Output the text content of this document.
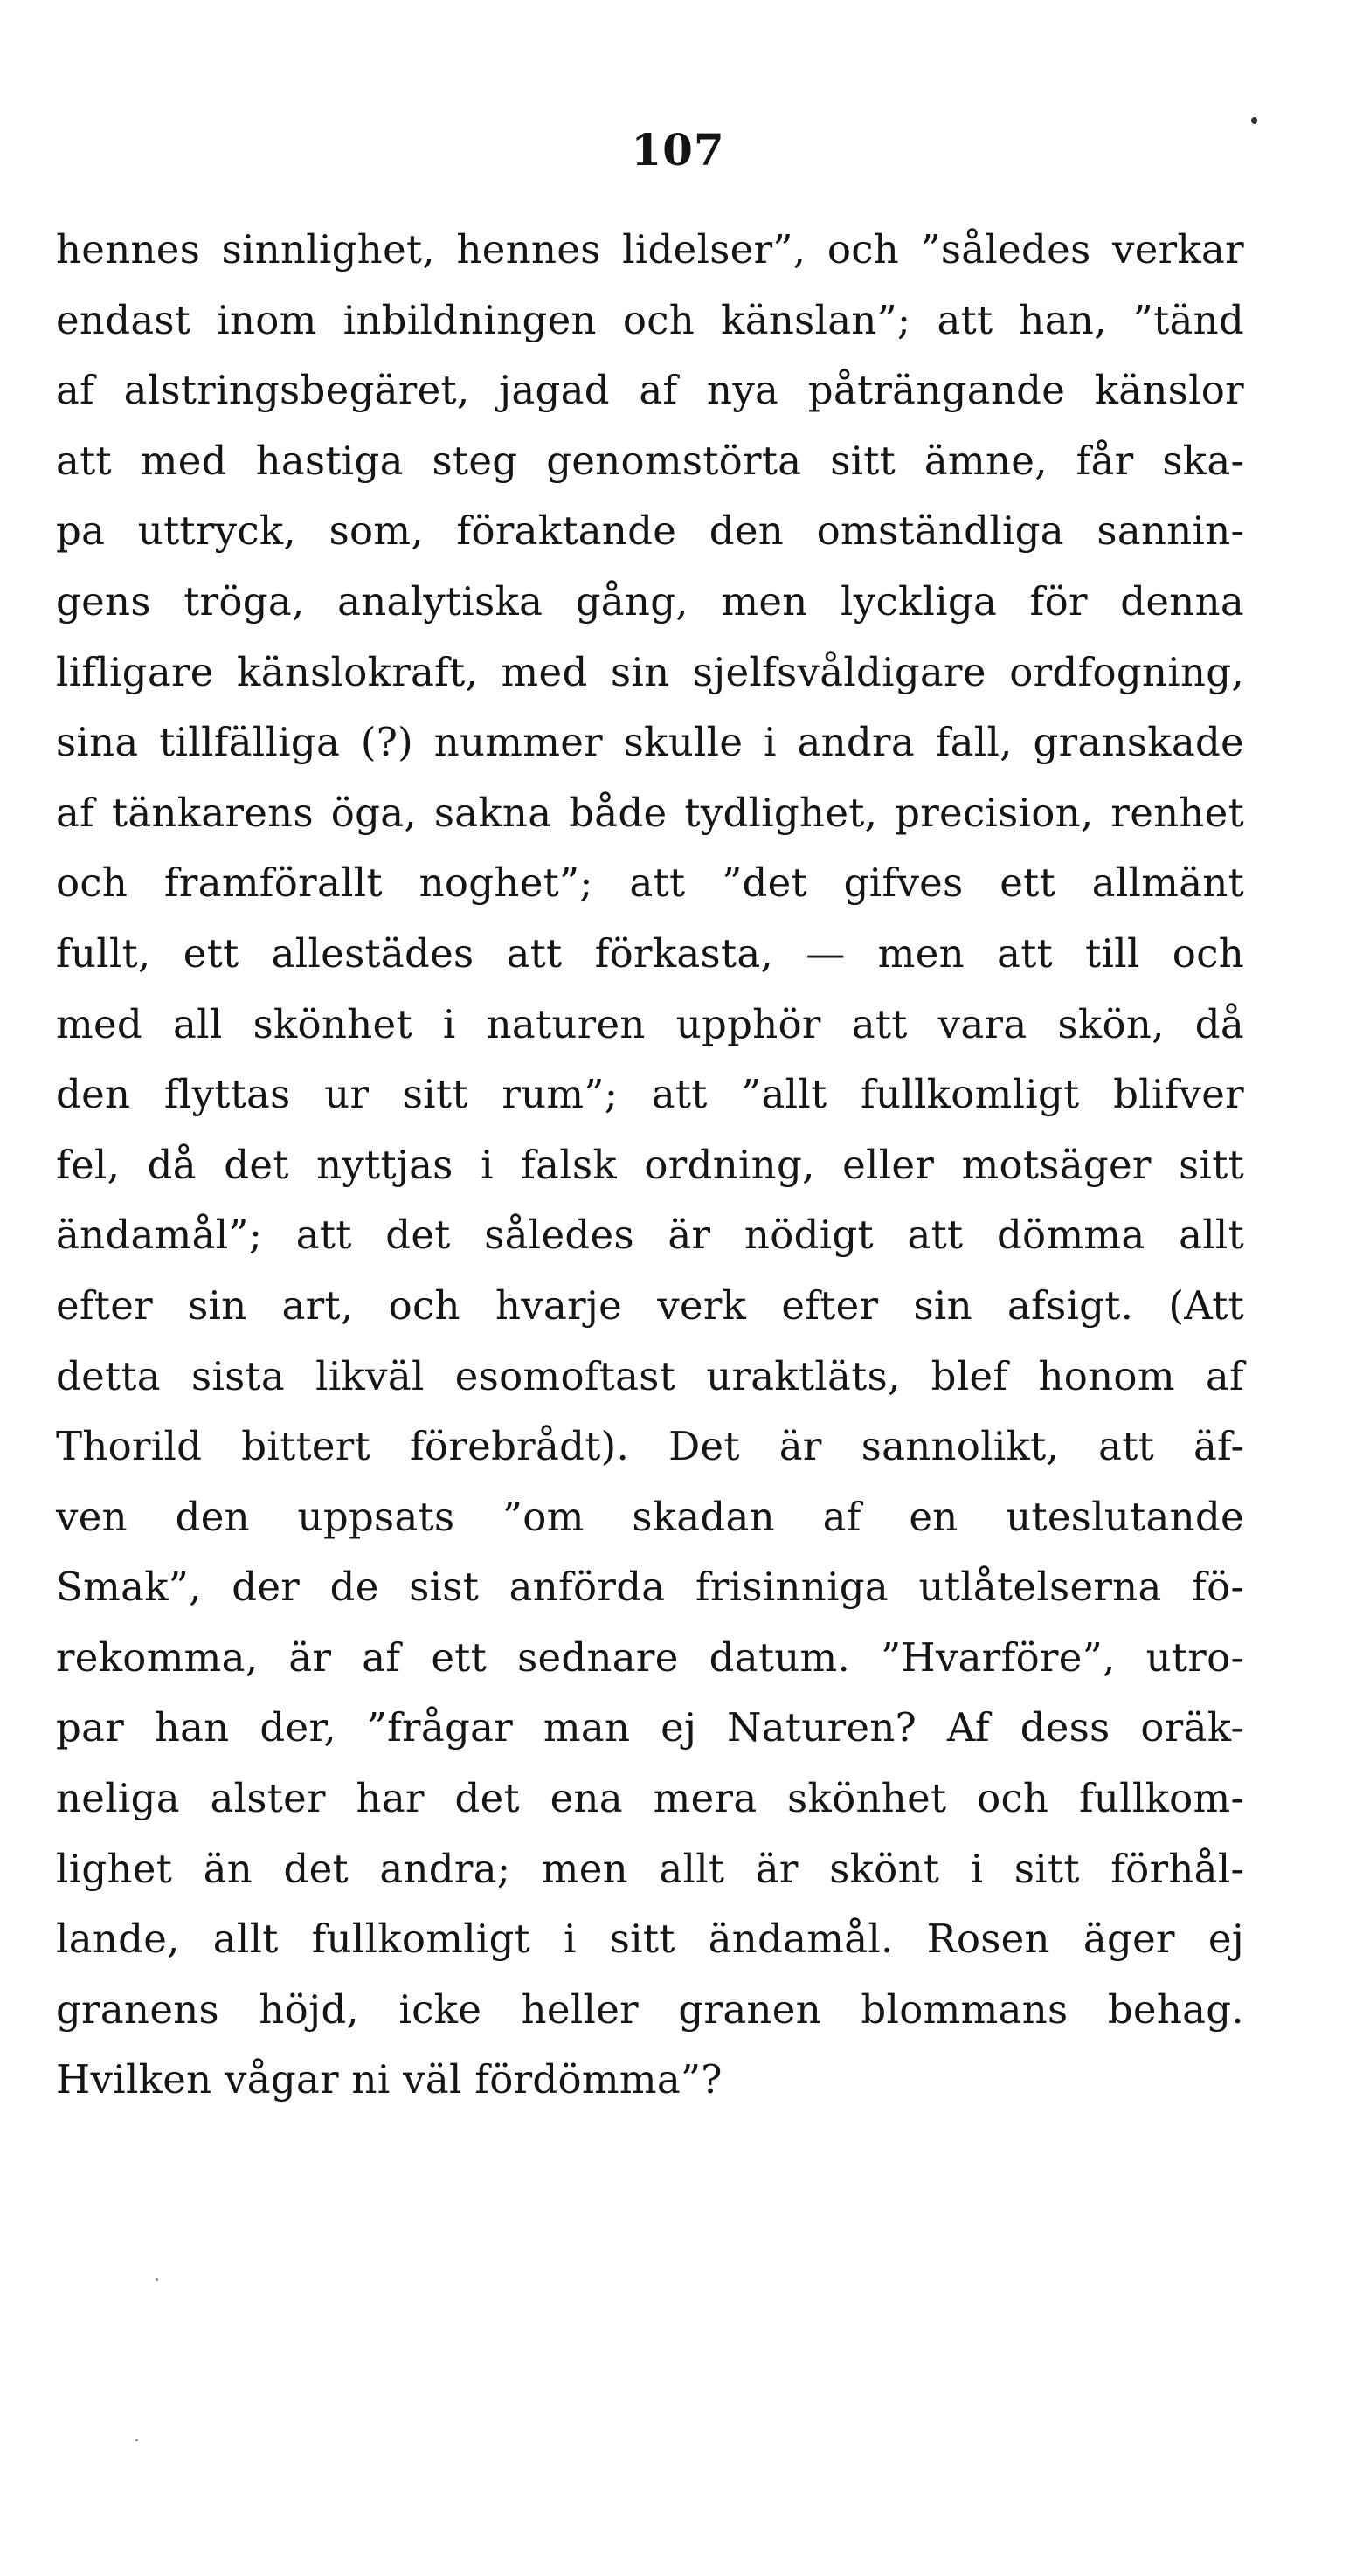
107
hennes sinnlighet, hennes lidelser”, och ”således verkar
endast inom inbildningen och känslan”; att han, ”tänd
af alstringsbegäret, jagad af nya påträngande känslor
att med hastiga steg genomstörta sitt ämne, får ska-
pa uttryck, som, föraktande den omständliga sannin-
gens tröga, analytiska gång, men lyckliga för denna
lifligare känslokraft, med sin sjelfsvåldigare ordfogning,
sina tillfälliga (?) nummer skulle i andra fall, granskade
af tänkarens öga, sakna både tydlighet, precision, renhet
och framförallt noghet”; att ”det gifves ett allmänt
fullt, ett allestädes att förkasta, — men att till och
med all skönhet i naturen upphör att vara skön, då
den flyttas ur sitt rum”; att ”allt fullkomligt blifver
fel, då det nyttjas i falsk ordning, eller motsäger sitt
ändamål”; att det således är nödigt att dömma allt
efter sin art, och hvarje verk efter sin afsigt. (Att
detta sista likväl esomoftast uraktläts, blef honom af
Thorild bittert förebrådt). Det är sannolikt, att äf-
ven den uppsats ”om skadan af en uteslutande
Smak”, der de sist anförda frisinniga utlåtelserna fö-
rekomma, är af ett sednare datum. ”Hvarföre”, utro-
par han der, ”frågar man ej Naturen? Af dess oräk-
neliga alster har det ena mera skönhet och fullkom-
lighet än det andra; men allt är skönt i sitt förhål-
lande, allt fullkomligt i sitt ändamål. Rosen äger ej
granens höjd, icke heller granen blommans behag.
Hvilken vågar ni väl fördömma”?
